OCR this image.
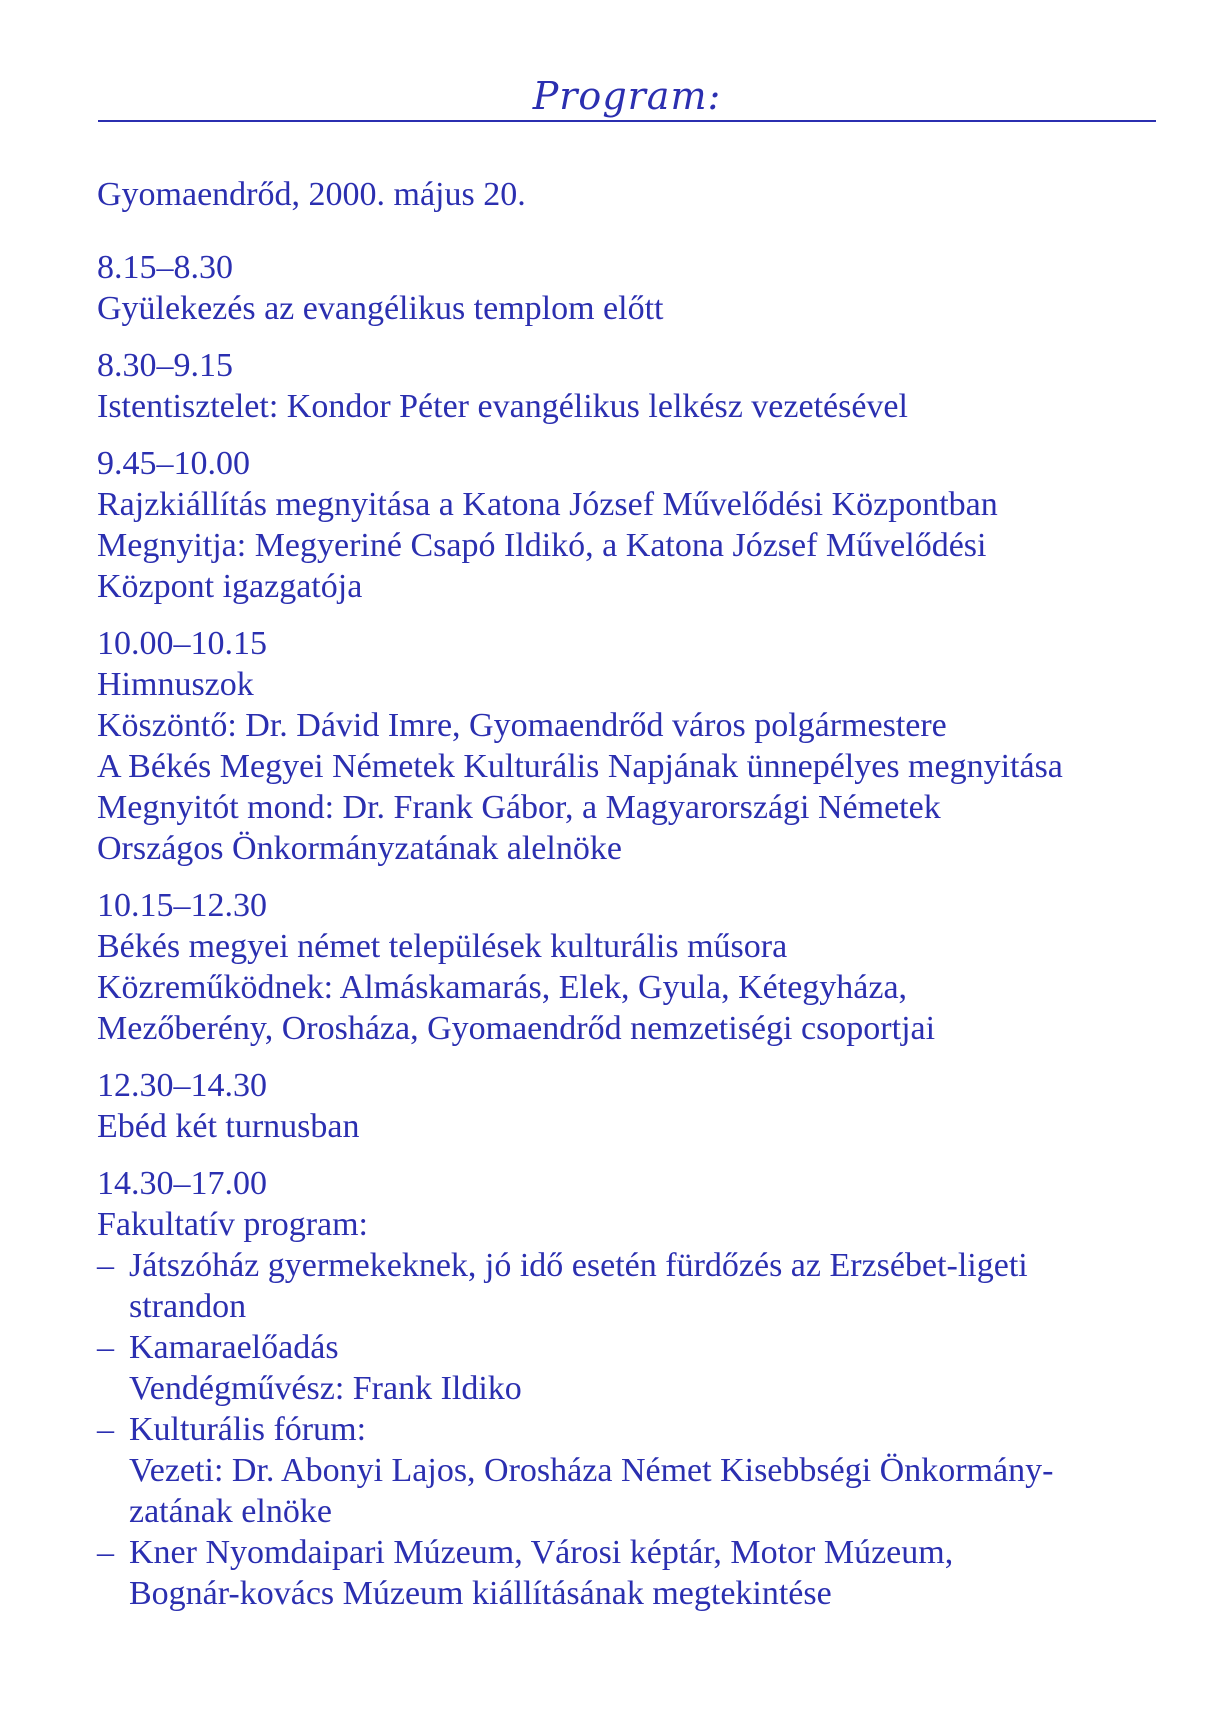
Program:
Gyomaendrőd, 2000. május 20.
8.15–8.30
Gyülekezés az evangélikus templom előtt
8.30–9.15
Istentisztelet: Kondor Péter evangélikus lelkész vezetésével
9.45–10.00
Rajzkiállítás megnyitása a Katona József Művelődési Központban
Megnyitja: Megyeriné Csapó Ildikó, a Katona József Művelődési
Központ igazgatója
10.00–10.15
Himnuszok
Köszöntő: Dr. Dávid Imre, Gyomaendrőd város polgármestere
A Békés Megyei Németek Kulturális Napjának ünnepélyes megnyitása
Megnyitót mond: Dr. Frank Gábor, a Magyarországi Németek
Országos Önkormányzatának alelnöke
10.15–12.30
Békés megyei német települések kulturális műsora
Közreműködnek: Almáskamarás, Elek, Gyula, Kétegyháza,
Mezőberény, Orosháza, Gyomaendrőd nemzetiségi csoportjai
12.30–14.30
Ebéd két turnusban
14.30–17.00
Fakultatív program:
– Játszóház gyermekeknek, jó idő esetén fürdőzés az Erzsébet-ligeti
strandon
– Kamaraelőadás
Vendégművész: Frank Ildiko
– Kulturális fórum:
Vezeti: Dr. Abonyi Lajos, Orosháza Német Kisebbségi Önkormány-
zatának elnöke
– Kner Nyomdaipari Múzeum, Városi képtár, Motor Múzeum,
Bognár-kovács Múzeum kiállításának megtekintése
